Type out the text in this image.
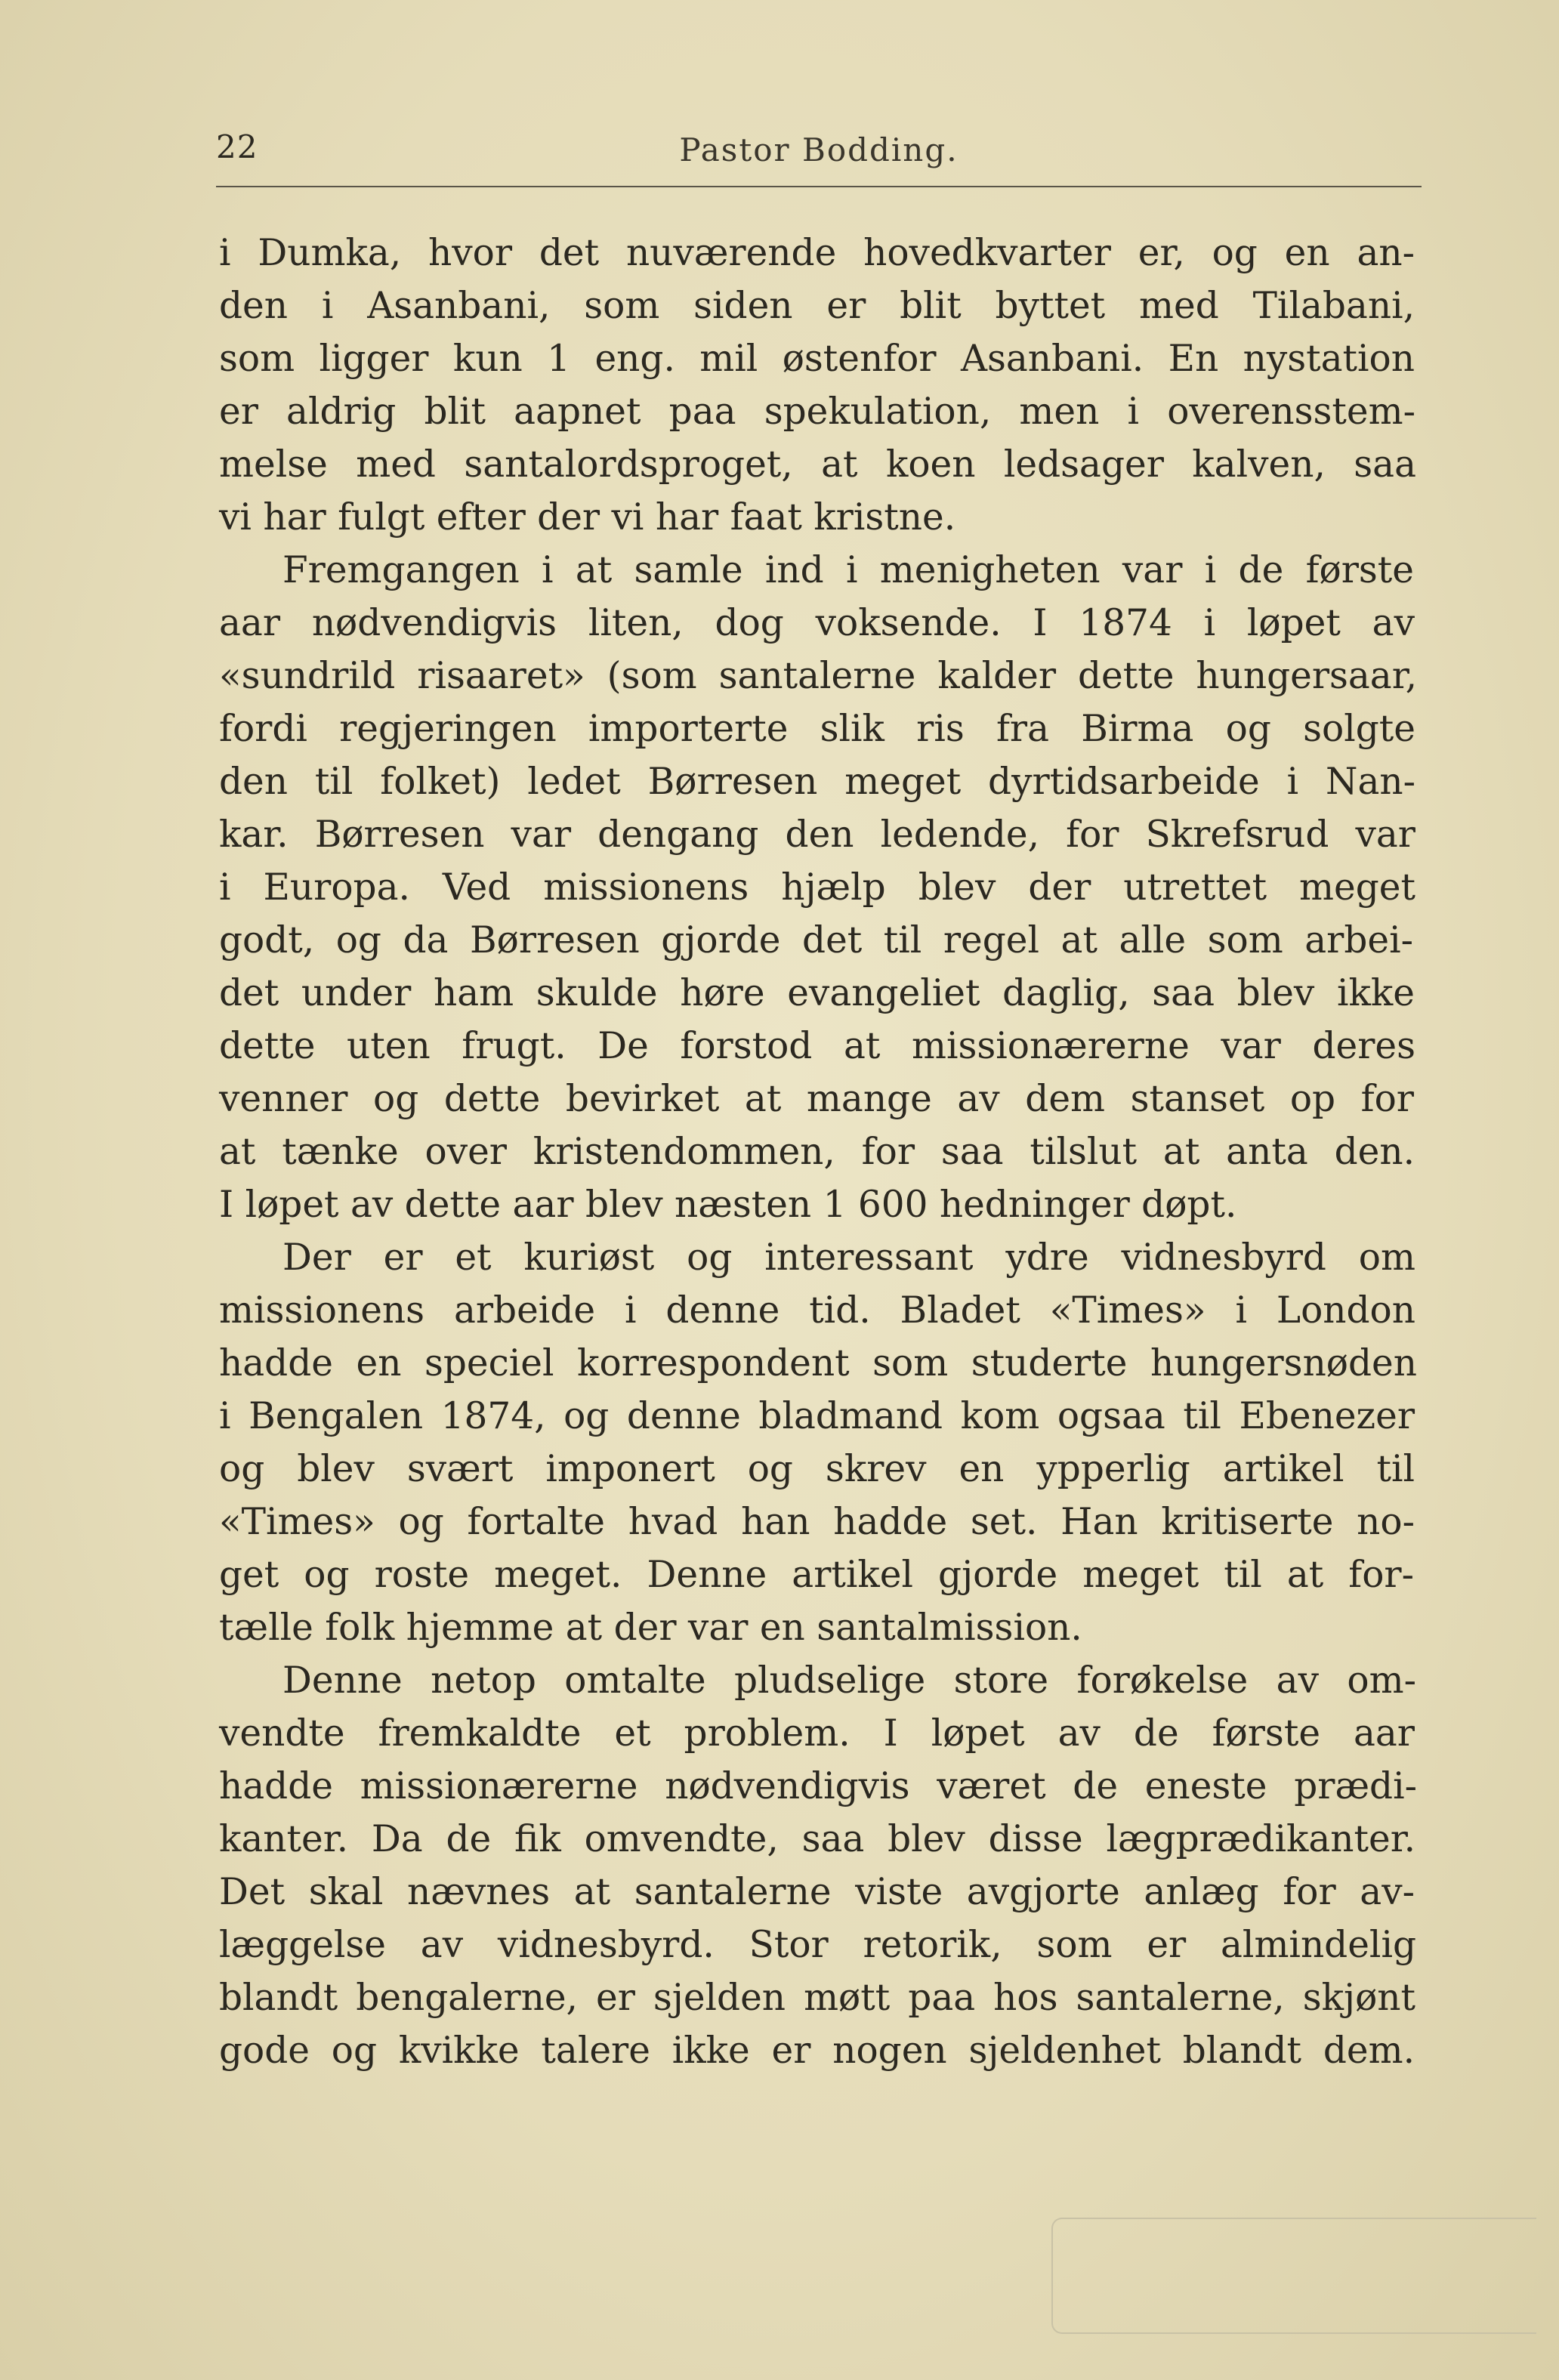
22	Pastor Bodding.
i Dumka, hvor det nuværende hovedkvarter er, og en an-
den i Asanbani, som siden er blit byttet med Tilabani,
som ligger kun 1 eng. mil østenfor Asanbani. En nystation
er aldrig blit aapnet paa spekulation, men i overensstem-
melse med santalordsproget, at koen ledsager kalven, saa
vi har fulgt efter der vi har faat kristne.
Fremgangen i at samle ind i menigheten var i de første
aar nødvendigvis liten, dog voksende. I 1874 i løpet av
«sundrild risaaret» (som santalerne kalder dette hungersaar,
fordi regjeringen importerte slik ris fra Birma og solgte
den til folket) ledet Børresen meget dyrtidsarbeide i Nan-
kar. Børresen var dengang den ledende, for Skrefsrud var
i Europa. Ved missionens hjælp blev der utrettet meget
godt, og da Børresen gjorde det til regel at alle som arbei-
det under ham skulde høre evangeliet daglig, saa blev ikke
dette uten frugt. De forstod at missionærerne var deres
venner og dette bevirket at mange av dem stanset op for
at tænke over kristendommen, for saa tilslut at anta den.
I løpet av dette aar blev næsten 1 600 hedninger døpt.
Der er et kuriøst og interessant ydre vidnesbyrd om
missionens arbeide i denne tid. Bladet «Times» i London
hadde en speciel korrespondent som studerte hungersnøden
i Bengalen 1874, og denne bladmand kom ogsaa til Ebenezer
og blev svært imponert og skrev en ypperlig artikel til
«Times» og fortalte hvad han hadde set. Han kritiserte no-
get og roste meget. Denne artikel gjorde meget til at for-
tælle folk hjemme at der var en santalmission.
Denne netop omtalte pludselige store forøkelse av om-
vendte fremkaldte et problem. I løpet av de første aar
hadde missionærerne nødvendigvis været de eneste prædi-
kanter. Da de fik omvendte, saa blev disse lægprædikanter.
Det skal nævnes at santalerne viste avgjorte anlæg for av-
læggelse av vidnesbyrd. Stor retorik, som er almindelig
blandt bengalerne, er sjelden møtt paa hos santalerne, skjønt
gode og kvikke talere ikke er nogen sjeldenhet blandt dem.
